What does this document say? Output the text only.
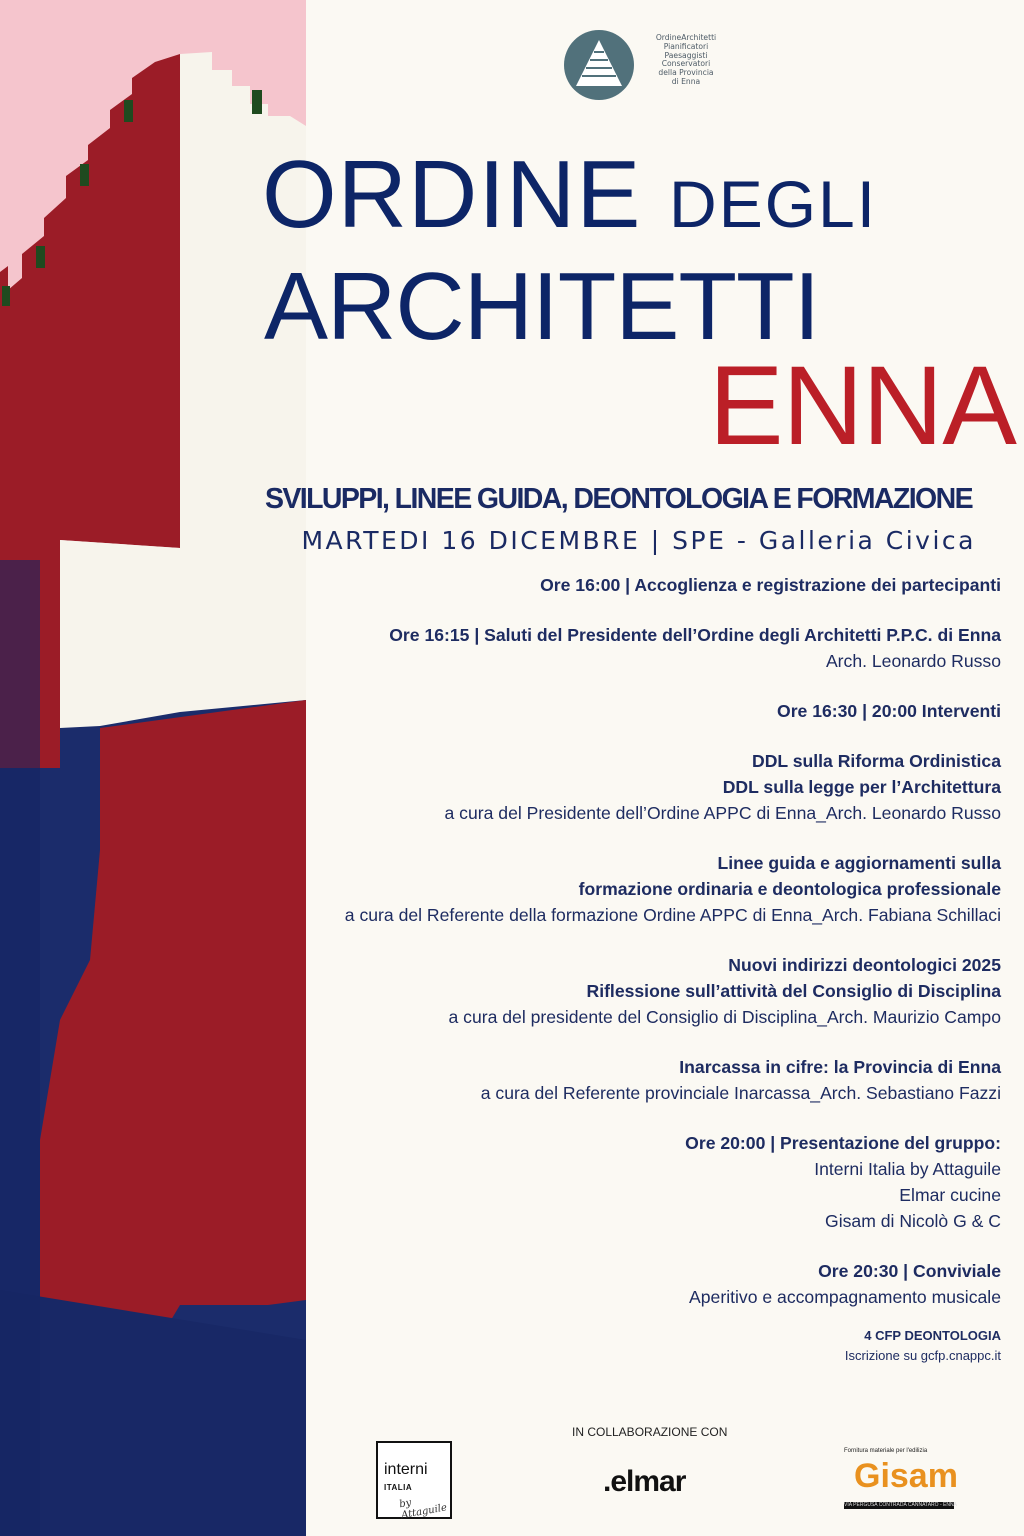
OrdineArchitetti
Pianificatori
Paesaggisti
Conservatori
della Provincia
di Enna
ORDINE DEGLI
ARCHITETTI
ENNA
SVILUPPI, LINEE GUIDA, DEONTOLOGIA E FORMAZIONE
MARTEDI 16 DICEMBRE | SPE - Galleria Civica
Ore 16:00 | Accoglienza e registrazione dei partecipanti
Ore 16:15 | Saluti del Presidente dell’Ordine degli Architetti P.P.C. di Enna
Arch. Leonardo Russo
Ore 16:30 | 20:00 Interventi
DDL sulla Riforma Ordinistica
DDL sulla legge per l’Architettura
a cura del Presidente dell’Ordine APPC di Enna_Arch. Leonardo Russo
Linee guida e aggiornamenti sulla
formazione ordinaria e deontologica professionale
a cura del Referente della formazione Ordine APPC di Enna_Arch. Fabiana Schillaci
Nuovi indirizzi deontologici 2025
Riflessione sull’attività del Consiglio di Disciplina
a cura del presidente del Consiglio di Disciplina_Arch. Maurizio Campo
Inarcassa in cifre: la Provincia di Enna
a cura del Referente provinciale Inarcassa_Arch. Sebastiano Fazzi
Ore 20:00 | Presentazione del gruppo:
Interni Italia by Attaguile
Elmar cucine
Gisam di Nicolò G & C
Ore 20:30 | Conviviale
Aperitivo e accompagnamento musicale
4 CFP DEONTOLOGIA
Iscrizione su gcfp.cnappc.it
IN COLLABORAZIONE CON
interni
ITALIA
by Attaguile
.elmar
Fornitura materiale per l'edilizia
Gisam
VIA PERGUSA CONTRADA CANNATARO - ENNA
